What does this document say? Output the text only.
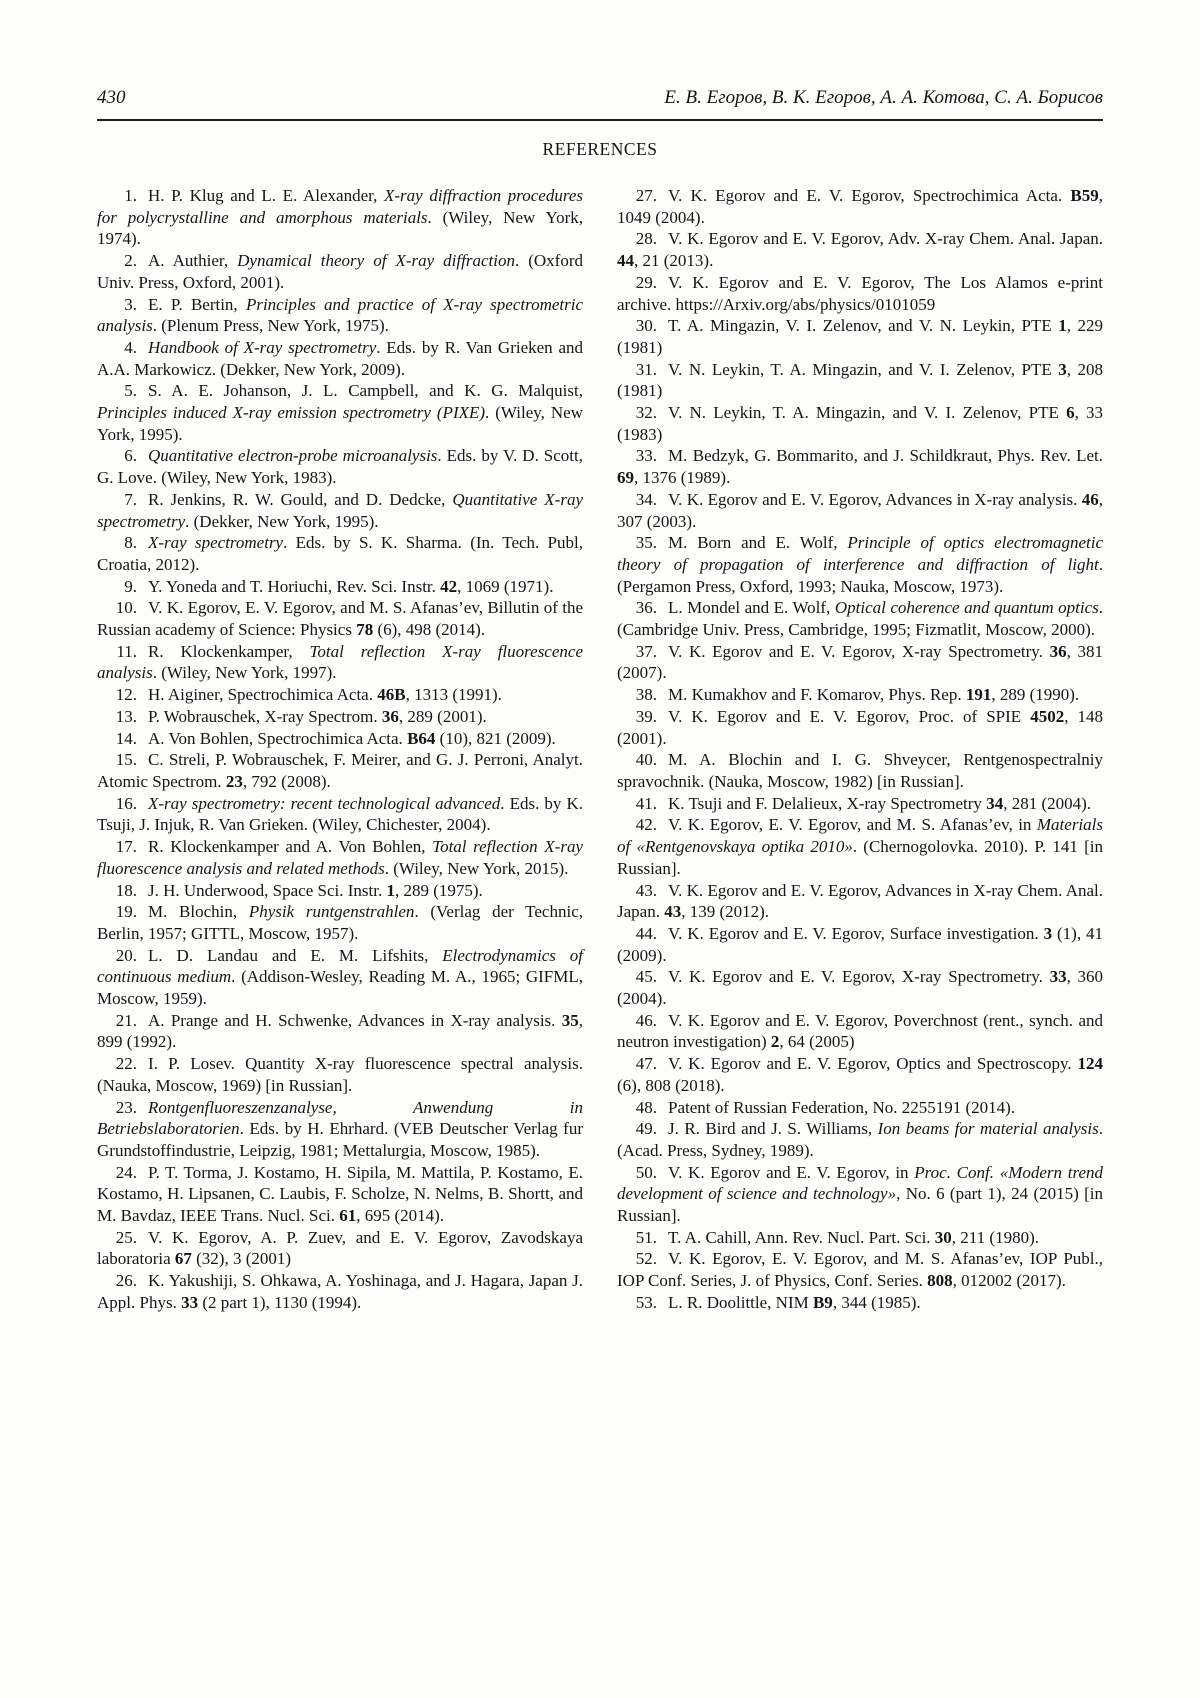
430	Е. В. Егоров, В. К. Егоров, А. А. Котова, С. А. Борисов
REFERENCES

1. H. P. Klug and L. E. Alexander, X-ray diffraction procedures for polycrystalline and amorphous materials. (Wiley, New York, 1974).

2. A. Authier, Dynamical theory of X-ray diffraction. (Oxford Univ. Press, Oxford, 2001).

3. E. P. Bertin, Principles and practice of X-ray spectrometric analysis. (Plenum Press, New York, 1975).

4. Handbook of X-ray spectrometry. Eds. by R. Van Grieken and A.A. Markowicz. (Dekker, New York, 2009).

5. S. A. E. Johanson, J. L. Campbell, and K. G. Malquist, Principles induced X-ray emission spectrometry (PIXE). (Wiley, New York, 1995).

6. Quantitative electron-probe microanalysis. Eds. by V. D. Scott, G. Love. (Wiley, New York, 1983).

7. R. Jenkins, R. W. Gould, and D. Dedcke, Quantitative X-ray spectrometry. (Dekker, New York, 1995).

8. X-ray spectrometry. Eds. by S. K. Sharma. (In. Tech. Publ, Croatia, 2012).

9. Y. Yoneda and T. Horiuchi, Rev. Sci. Instr. 42, 1069 (1971).

10. V. K. Egorov, E. V. Egorov, and M. S. Afanas’ev, Billutin of the Russian academy of Science: Physics 78 (6), 498 (2014).

11. R. Klockenkamper, Total reflection X-ray fluorescence analysis. (Wiley, New York, 1997).

12. H. Aiginer, Spectrochimica Acta. 46B, 1313 (1991).

13. P. Wobrauschek, X-ray Spectrom. 36, 289 (2001).

14. A. Von Bohlen, Spectrochimica Acta. B64 (10), 821 (2009).

15. C. Streli, P. Wobrauschek, F. Meirer, and G. J. Perroni, Analyt. Atomic Spectrom. 23, 792 (2008).

16. X-ray spectrometry: recent technological advanced. Eds. by K. Tsuji, J. Injuk, R. Van Grieken. (Wiley, Chichester, 2004).

17. R. Klockenkamper and A. Von Bohlen, Total reflection X-ray fluorescence analysis and related methods. (Wiley, New York, 2015).

18. J. H. Underwood, Space Sci. Instr. 1, 289 (1975).

19. M. Blochin, Physik runtgenstrahlen. (Verlag der Technic, Berlin, 1957; GITTL, Moscow, 1957).

20. L. D. Landau and E. M. Lifshits, Electrodynamics of continuous medium. (Addison-Wesley, Reading M. A., 1965; GIFML, Moscow, 1959).

21. A. Prange and H. Schwenke, Advances in X-ray analysis. 35, 899 (1992).

22. I. P. Losev. Quantity X-ray fluorescence spectral analysis. (Nauka, Moscow, 1969) [in Russian].

23. Rontgenfluoreszenzanalyse, Anwendung in Betriebslaboratorien. Eds. by H. Ehrhard. (VEB Deutscher Verlag fur Grundstoffindustrie, Leipzig, 1981; Mettalurgia, Moscow, 1985).

24. P. T. Torma, J. Kostamo, H. Sipila, M. Mattila, P. Kostamo, E. Kostamo, H. Lipsanen, C. Laubis, F. Scholze, N. Nelms, B. Shortt, and M. Bavdaz, IEEE Trans. Nucl. Sci. 61, 695 (2014).

25. V. K. Egorov, A. P. Zuev, and E. V. Egorov, Zavodskaya laboratoria 67 (32), 3 (2001)

26. K. Yakushiji, S. Ohkawa, A. Yoshinaga, and J. Hagara, Japan J. Appl. Phys. 33 (2 part 1), 1130 (1994).

27. V. K. Egorov and E. V. Egorov, Spectrochimica Acta. B59, 1049 (2004).

28. V. K. Egorov and E. V. Egorov, Adv. X-ray Chem. Anal. Japan. 44, 21 (2013).

29. V. K. Egorov and E. V. Egorov, The Los Alamos e-print archive. https://Arxiv.org/abs/physics/0101059

30. T. A. Mingazin, V. I. Zelenov, and V. N. Leykin, PTE 1, 229 (1981)

31. V. N. Leykin, T. A. Mingazin, and V. I. Zelenov, PTE 3, 208 (1981)

32. V. N. Leykin, T. A. Mingazin, and V. I. Zelenov, PTE 6, 33 (1983)

33. M. Bedzyk, G. Bommarito, and J. Schildkraut, Phys. Rev. Let. 69, 1376 (1989).

34. V. K. Egorov and E. V. Egorov, Advances in X-ray analysis. 46, 307 (2003).

35. M. Born and E. Wolf, Principle of optics electromagnetic theory of propagation of interference and diffraction of light. (Pergamon Press, Oxford, 1993; Nauka, Moscow, 1973).

36. L. Mondel and E. Wolf, Optical coherence and quantum optics. (Cambridge Univ. Press, Cambridge, 1995; Fizmatlit, Moscow, 2000).

37. V. K. Egorov and E. V. Egorov, X-ray Spectrometry. 36, 381 (2007).

38. M. Kumakhov and F. Komarov, Phys. Rep. 191, 289 (1990).

39. V. K. Egorov and E. V. Egorov, Proc. of SPIE 4502, 148 (2001).

40. M. A. Blochin and I. G. Shveycer, Rentgenospectralniy spravochnik. (Nauka, Moscow, 1982) [in Russian].

41. K. Tsuji and F. Delalieux, X-ray Spectrometry 34, 281 (2004).

42. V. K. Egorov, E. V. Egorov, and M. S. Afanas’ev, in Materials of «Rentgenovskaya optika 2010». (Chernogolovka. 2010). P. 141 [in Russian].

43. V. K. Egorov and E. V. Egorov, Advances in X-ray Chem. Anal. Japan. 43, 139 (2012).

44. V. K. Egorov and E. V. Egorov, Surface investigation. 3 (1), 41 (2009).

45. V. K. Egorov and E. V. Egorov, X-ray Spectrometry. 33, 360 (2004).

46. V. K. Egorov and E. V. Egorov, Poverchnost (rent., synch. and neutron investigation) 2, 64 (2005)

47. V. K. Egorov and E. V. Egorov, Optics and Spectroscopy. 124 (6), 808 (2018).

48. Patent of Russian Federation, No. 2255191 (2014).

49. J. R. Bird and J. S. Williams, Ion beams for material analysis. (Acad. Press, Sydney, 1989).

50. V. K. Egorov and E. V. Egorov, in Proc. Conf. «Modern trend development of science and technology», No. 6 (part 1), 24 (2015) [in Russian].

51. T. A. Cahill, Ann. Rev. Nucl. Part. Sci. 30, 211 (1980).

52. V. K. Egorov, E. V. Egorov, and M. S. Afanas’ev, IOP Publ., IOP Conf. Series, J. of Physics, Conf. Series. 808, 012002 (2017).

53. L. R. Doolittle, NIM B9, 344 (1985).
